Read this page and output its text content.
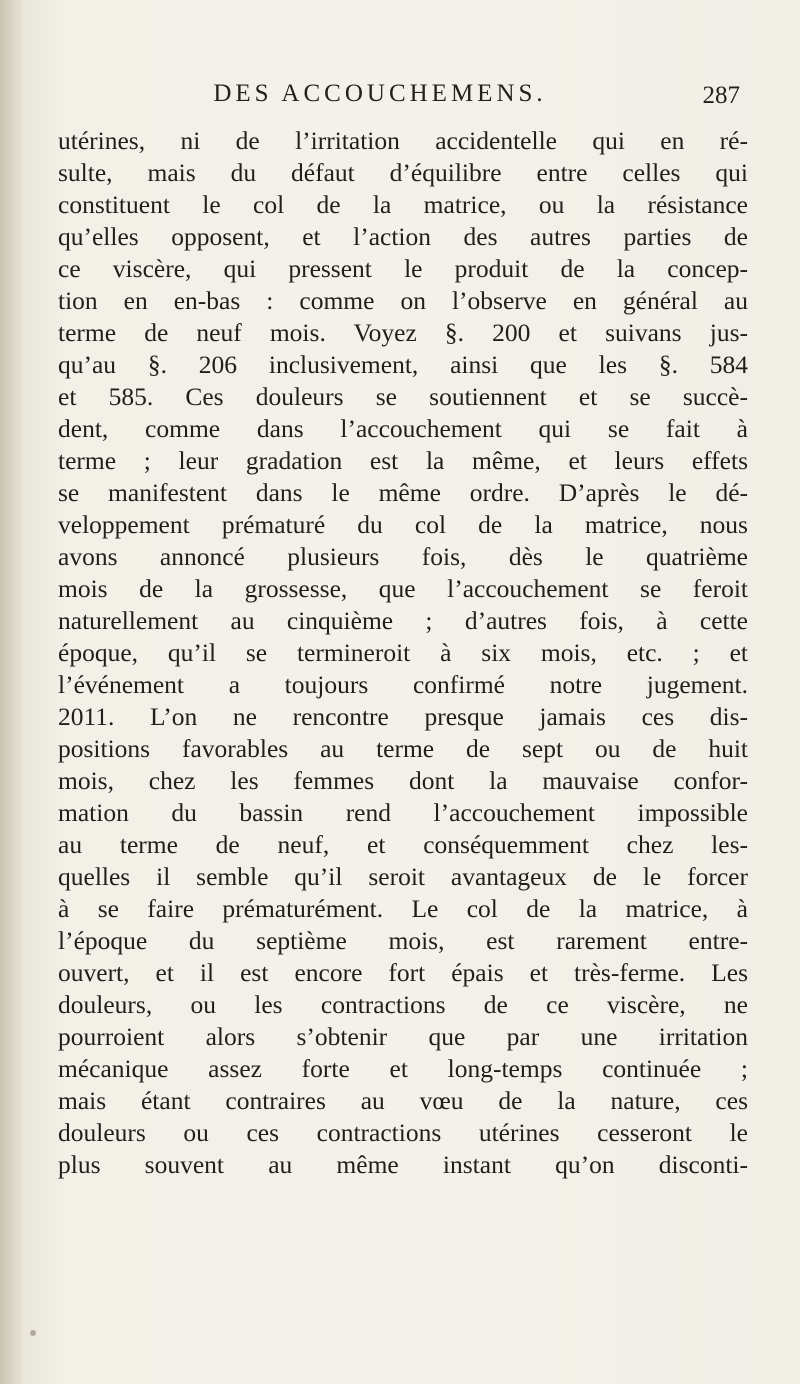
DES ACCOUCHEMENS.	287
utérines, ni de l’irritation accidentelle qui en ré-
sulte, mais du défaut d’équilibre entre celles qui
constituent le col de la matrice, ou la résistance
qu’elles opposent, et l’action des autres parties de
ce viscère, qui pressent le produit de la concep-
tion en en-bas : comme on l’observe en général au
terme de neuf mois. Voyez §. 200 et suivans jus-
qu’au §. 206 inclusivement, ainsi que les §. 584
et 585. Ces douleurs se soutiennent et se succè-
dent, comme dans l’accouchement qui se fait à
terme ; leur gradation est la même, et leurs effets
se manifestent dans le même ordre. D’après le dé-
veloppement prématuré du col de la matrice, nous
avons annoncé plusieurs fois, dès le quatrième
mois de la grossesse, que l’accouchement se feroit
naturellement au cinquième ; d’autres fois, à cette
époque, qu’il se termineroit à six mois, etc. ; et
l’événement a toujours confirmé notre jugement.
2011. L’on ne rencontre presque jamais ces dis-
positions favorables au terme de sept ou de huit
mois, chez les femmes dont la mauvaise confor-
mation du bassin rend l’accouchement impossible
au terme de neuf, et conséquemment chez les-
quelles il semble qu’il seroit avantageux de le forcer
à se faire prématurément. Le col de la matrice, à
l’époque du septième mois, est rarement entre-
ouvert, et il est encore fort épais et très-ferme. Les
douleurs, ou les contractions de ce viscère, ne
pourroient alors s’obtenir que par une irritation
mécanique assez forte et long-temps continuée ;
mais étant contraires au vœu de la nature, ces
douleurs ou ces contractions utérines cesseront le
plus souvent au même instant qu’on disconti-
